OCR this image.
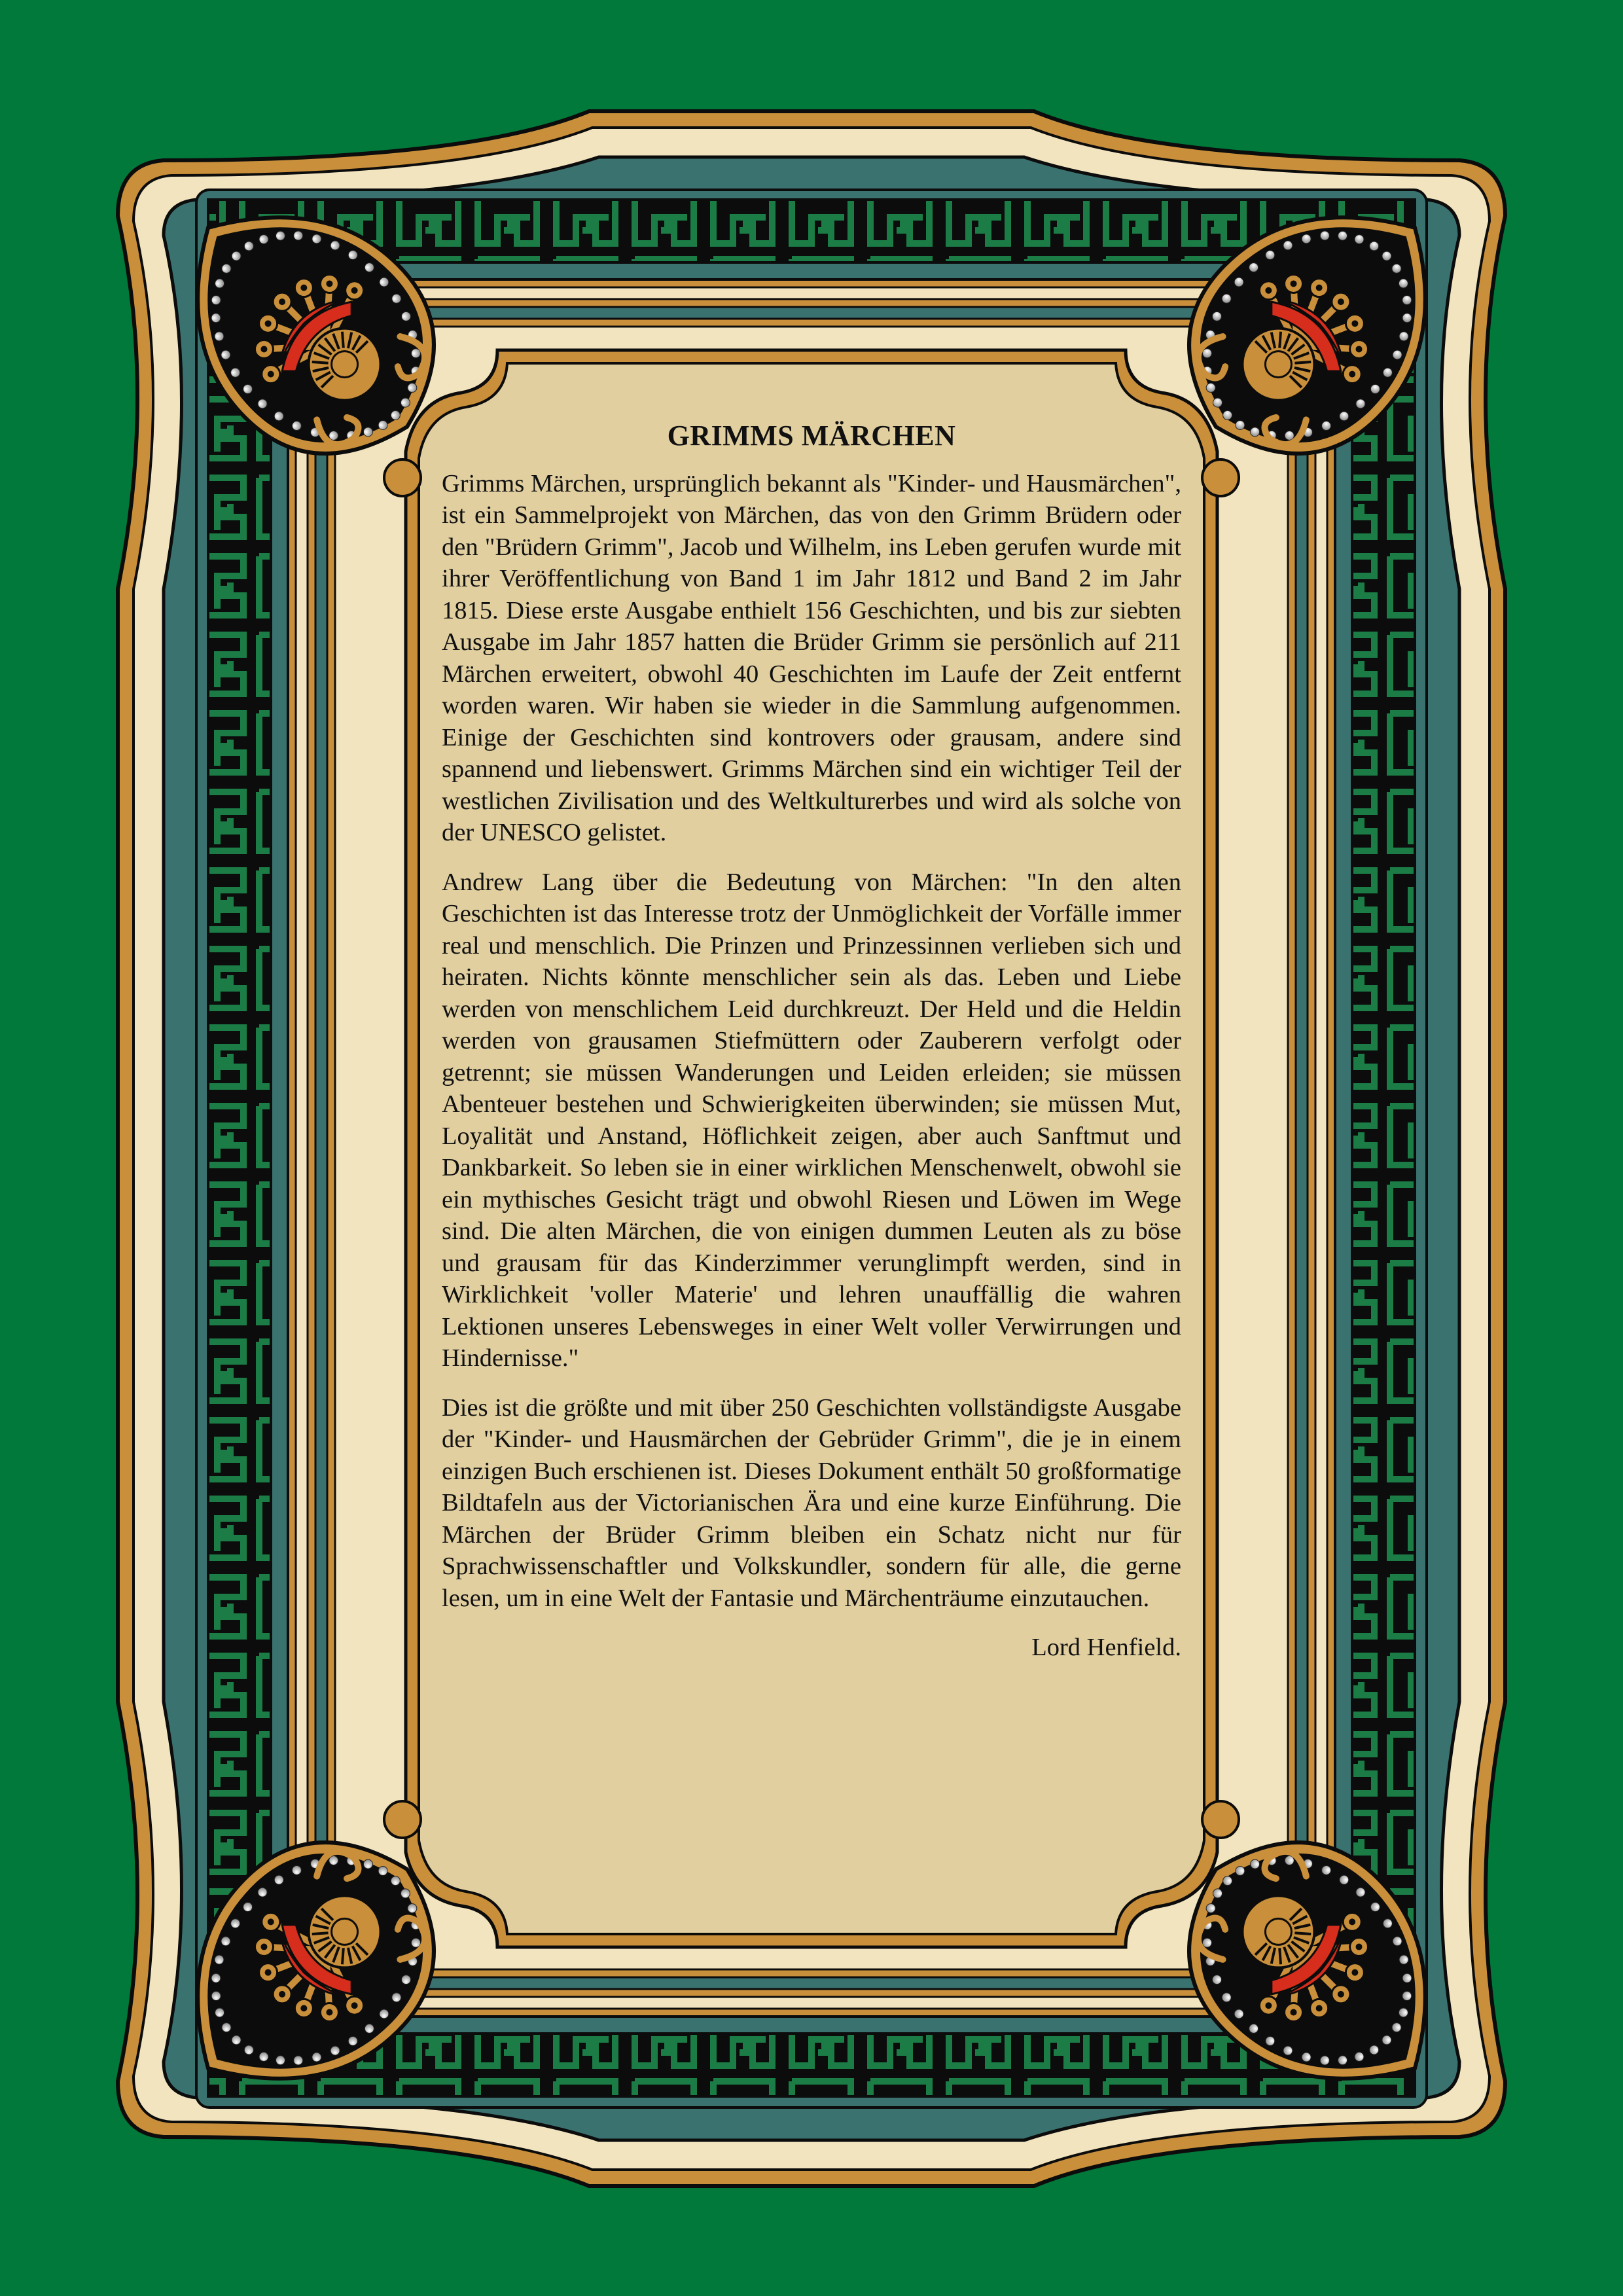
GRIMMS MÄRCHEN

Grimms Märchen, ursprünglich bekannt als "Kinder- und Hausmärchen", ist ein Sammelprojekt von Märchen, das von den Grimm Brüdern oder den "Brüdern Grimm", Jacob und Wilhelm, ins Leben gerufen wurde mit ihrer Veröffentlichung von Band 1 im Jahr 1812 und Band 2 im Jahr 1815. Diese erste Ausgabe enthielt 156 Geschichten, und bis zur siebten Ausgabe im Jahr 1857 hatten die Brüder Grimm sie persönlich auf 211 Märchen erweitert, obwohl 40 Geschichten im Laufe der Zeit entfernt worden waren. Wir haben sie wieder in die Sammlung aufgenommen. Einige der Geschichten sind kontrovers oder grausam, andere sind spannend und liebenswert. Grimms Märchen sind ein wichtiger Teil der westlichen Zivilisation und des Weltkulturerbes und wird als solche von der UNESCO gelistet.

Andrew Lang über die Bedeutung von Märchen: "In den alten Geschichten ist das Interesse trotz der Unmöglichkeit der Vorfälle immer real und menschlich. Die Prinzen und Prinzessinnen verlieben sich und heiraten. Nichts könnte menschlicher sein als das. Leben und Liebe werden von menschlichem Leid durchkreuzt. Der Held und die Heldin werden von grausamen Stiefmüttern oder Zauberern verfolgt oder getrennt; sie müssen Wanderungen und Leiden erleiden; sie müssen Abenteuer bestehen und Schwierigkeiten überwinden; sie müssen Mut, Loyalität und Anstand, Höflichkeit zeigen, aber auch Sanftmut und Dankbarkeit. So leben sie in einer wirklichen Menschenwelt, obwohl sie ein mythisches Gesicht trägt und obwohl Riesen und Löwen im Wege sind. Die alten Märchen, die von einigen dummen Leuten als zu böse und grausam für das Kinderzimmer verunglimpft werden, sind in Wirklichkeit 'voller Materie' und lehren unauffällig die wahren Lektionen unseres Lebensweges in einer Welt voller Verwirrungen und Hindernisse."

Dies ist die größte und mit über 250 Geschichten vollständigste Ausgabe der "Kinder- und Hausmärchen der Gebrüder Grimm", die je in einem einzigen Buch erschienen ist. Dieses Dokument enthält 50 großformatige Bildtafeln aus der Victorianischen Ära und eine kurze Einführung. Die Märchen der Brüder Grimm bleiben ein Schatz nicht nur für Sprachwissenschaftler und Volkskundler, sondern für alle, die gerne lesen, um in eine Welt der Fantasie und Märchenträume einzutauchen.

Lord Henfield.
